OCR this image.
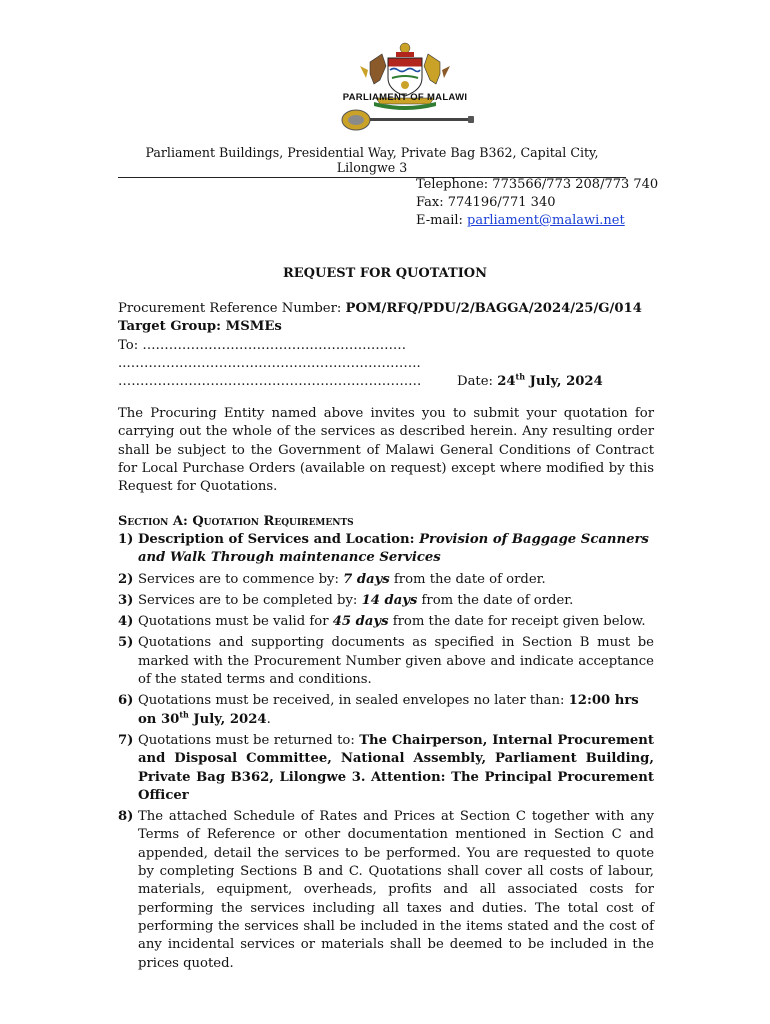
PARLIAMENT OF MALAWI
Parliament Buildings, Presidential Way, Private Bag B362, Capital City, Lilongwe 3
Telephone: 773566/773 208/773 740
Fax: 774196/771 340
E-mail: parliament@malawi.net
REQUEST FOR QUOTATION
Procurement Reference Number: POM/RFQ/PDU/2/BAGGA/2024/25/G/014
Target Group: MSMEs
To: ……………………………………………………
..………………………………………………………….
……………………………………………………………	Date: 24th July, 2024
The Procuring Entity named above invites you to submit your quotation for carrying out the whole of the services as described herein. Any resulting order shall be subject to the Government of Malawi General Conditions of Contract for Local Purchase Orders (available on request) except where modified by this Request for Quotations.
Section A: Quotation Requirements
1) Description of Services and Location: Provision of Baggage Scanners and Walk Through maintenance Services
2) Services are to commence by: 7 days from the date of order.
3) Services are to be completed by: 14 days from the date of order.
4) Quotations must be valid for 45 days from the date for receipt given below.
5) Quotations and supporting documents as specified in Section B must be marked with the Procurement Number given above and indicate acceptance of the stated terms and conditions.
6) Quotations must be received, in sealed envelopes no later than: 12:00 hrs on 30th July, 2024.
7) Quotations must be returned to: The Chairperson, Internal Procurement and Disposal Committee, National Assembly, Parliament Building, Private Bag B362, Lilongwe 3. Attention: The Principal Procurement Officer
8) The attached Schedule of Rates and Prices at Section C together with any Terms of Reference or other documentation mentioned in Section C and appended, detail the services to be performed. You are requested to quote by completing Sections B and C. Quotations shall cover all costs of labour, materials, equipment, overheads, profits and all associated costs for performing the services including all taxes and duties. The total cost of performing the services shall be included in the items stated and the cost of any incidental services or materials shall be deemed to be included in the prices quoted.
